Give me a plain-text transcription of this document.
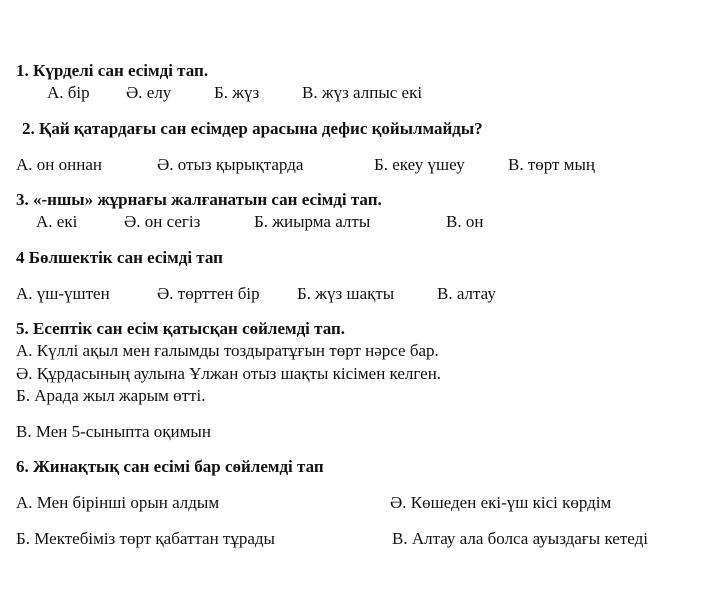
1. Күрделі сан есімді тап.
А. бір Ә. елу	Б. жүз	В. жүз алпыс екі
2. Қай қатардағы сан есімдер арасына дефис қойылмайды?
А. он оннан	Ә. отыз қырықтарда	Б. екеу үшеу	В. төрт мың
3. «-ншы» жұрнағы жалғанатын сан есімді тап.
А. екі	Ә. он сегіз	Б. жиырма алты	В. он
4 Бөлшектік сан есімді тап
А. үш-үштен	Ә. төрттен бір Б. жүз шақты	В. алтау
5. Есептік сан есім қатысқан сөйлемді тап.
А. Күллі ақыл мен ғалымды тоздыратұғын төрт нәрсе бар.
Ә. Құрдасының аулына Ұлжан отыз шақты кісімен келген.
Б. Арада жыл жарым өтті.
В. Мен 5-сыныпта оқимын
6. Жинақтық сан есімі бар сөйлемді тап
А. Мен бірінші орын алдым	Ә. Көшеден екі-үш кісі көрдім
Б. Мектебіміз төрт қабаттан тұрады	В. Алтау ала болса ауыздағы кетеді
